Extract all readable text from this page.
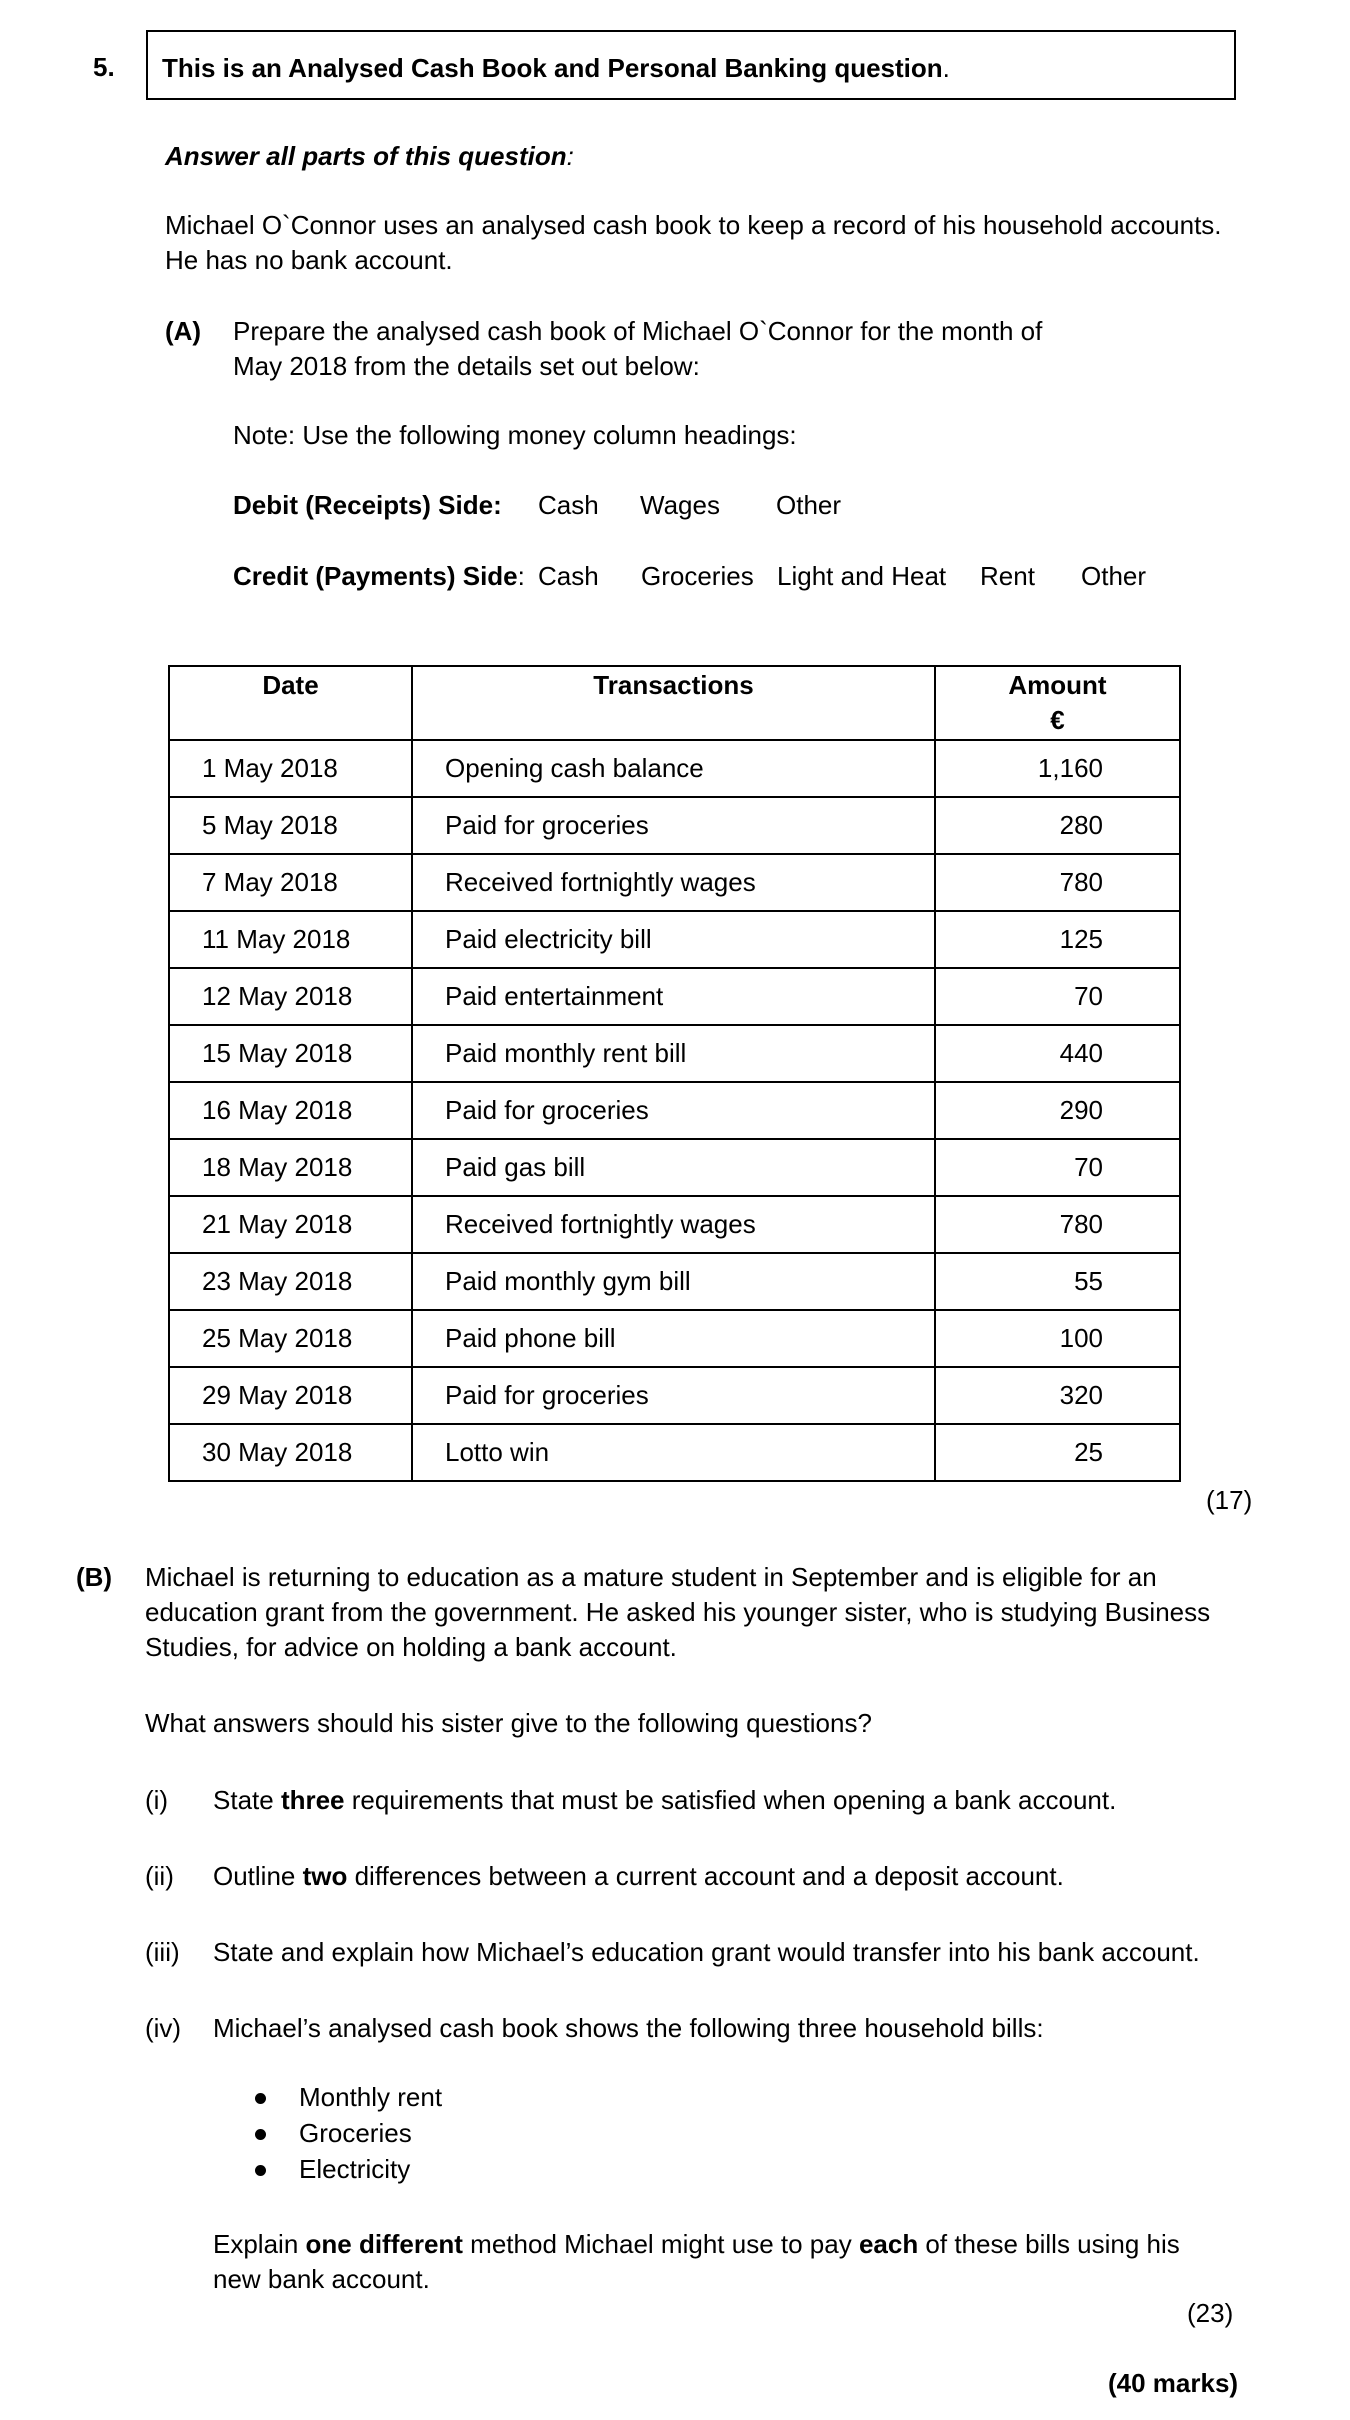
5. This is an Analysed Cash Book and Personal Banking question.
Answer all parts of this question:
Michael O`Connor uses an analysed cash book to keep a record of his household accounts.
He has no bank account.
(A) Prepare the analysed cash book of Michael O`Connor for the month of
May 2018 from the details set out below:
Note: Use the following money column headings:
Debit (Receipts) Side: Cash Wages Other
Credit (Payments) Side: Cash Groceries Light and Heat Rent Other
Date	Transactions	Amount
€

1 May 2018	Opening cash balance	1,160
5 May 2018	Paid for groceries	280
7 May 2018	Received fortnightly wages	780
11 May 2018	Paid electricity bill	125
12 May 2018	Paid entertainment	70
15 May 2018	Paid monthly rent bill	440
16 May 2018	Paid for groceries	290
18 May 2018	Paid gas bill	70
21 May 2018	Received fortnightly wages	780
23 May 2018	Paid monthly gym bill	55
25 May 2018	Paid phone bill	100
29 May 2018	Paid for groceries	320
30 May 2018	Lotto win	25
(17)
(B) Michael is returning to education as a mature student in September and is eligible for an
education grant from the government. He asked his younger sister, who is studying Business
Studies, for advice on holding a bank account.
What answers should his sister give to the following questions?
(i) State three requirements that must be satisfied when opening a bank account.
(ii) Outline two differences between a current account and a deposit account.
(iii) State and explain how Michael’s education grant would transfer into his bank account.
(iv) Michael’s analysed cash book shows the following three household bills:
Monthly rent
Groceries
Electricity
Explain one different method Michael might use to pay each of these bills using his
new bank account.
(23)
(40 marks)
